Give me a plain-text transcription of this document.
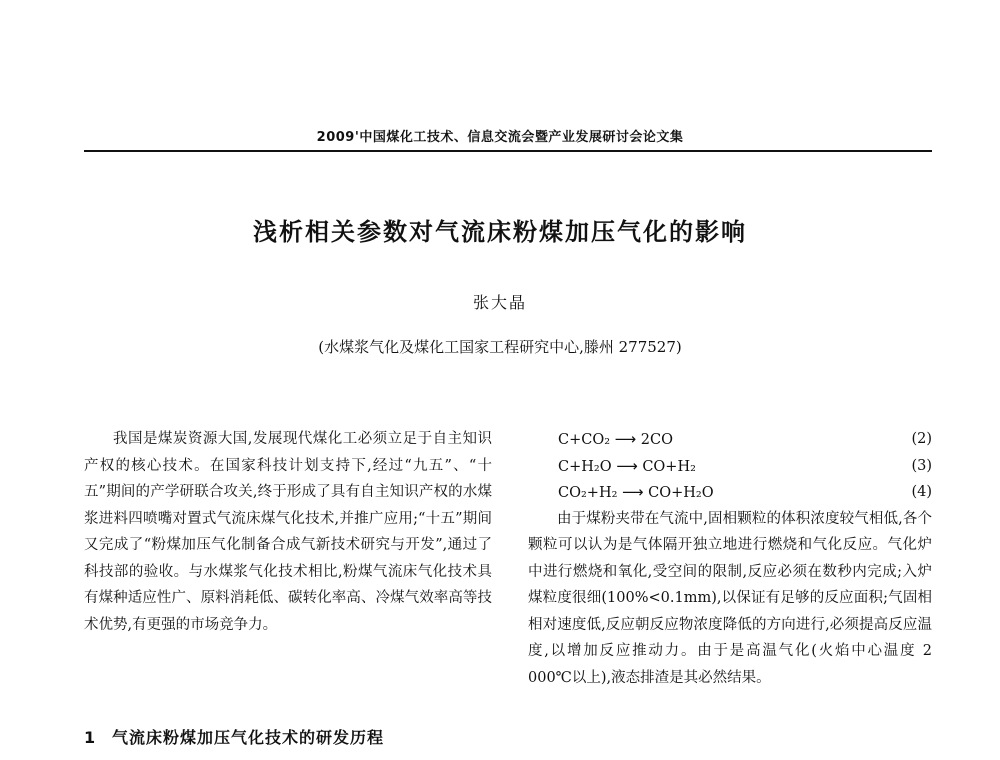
2009'中国煤化工技术、信息交流会暨产业发展研讨会论文集
浅析相关参数对气流床粉煤加压气化的影响
张大晶
(水煤浆气化及煤化工国家工程研究中心,滕州 277527)

我国是煤炭资源大国,发展现代煤化工必须立足于自主知识产权的核心技术。在国家科技计划支持下,经过“九五”、“十五”期间的产学研联合攻关,终于形成了具有自主知识产权的水煤浆进料四喷嘴对置式气流床煤气化技术,并推广应用;“十五”期间又完成了“粉煤加压气化制备合成气新技术研究与开发”,通过了科技部的验收。与水煤浆气化技术相比,粉煤气流床气化技术具有煤种适应性广、原料消耗低、碳转化率高、冷煤气效率高等技术优势,有更强的市场竞争力。

1 气流床粉煤加压气化技术的研发历程
C+CO₂ ⟶ 2CO	(2)
C+H₂O ⟶ CO+H₂	(3)
CO₂+H₂ ⟶ CO+H₂O	(4)

由于煤粉夹带在气流中,固相颗粒的体积浓度较气相低,各个颗粒可以认为是气体隔开独立地进行燃烧和气化反应。气化炉中进行燃烧和氧化,受空间的限制,反应必须在数秒内完成;入炉煤粒度很细(100%<0.1mm),以保证有足够的反应面积;气固相相对速度低,反应朝反应物浓度降低的方向进行,必须提高反应温度,以增加反应推动力。由于是高温气化(火焰中心温度 2 000℃以上),液态排渣是其必然结果。
